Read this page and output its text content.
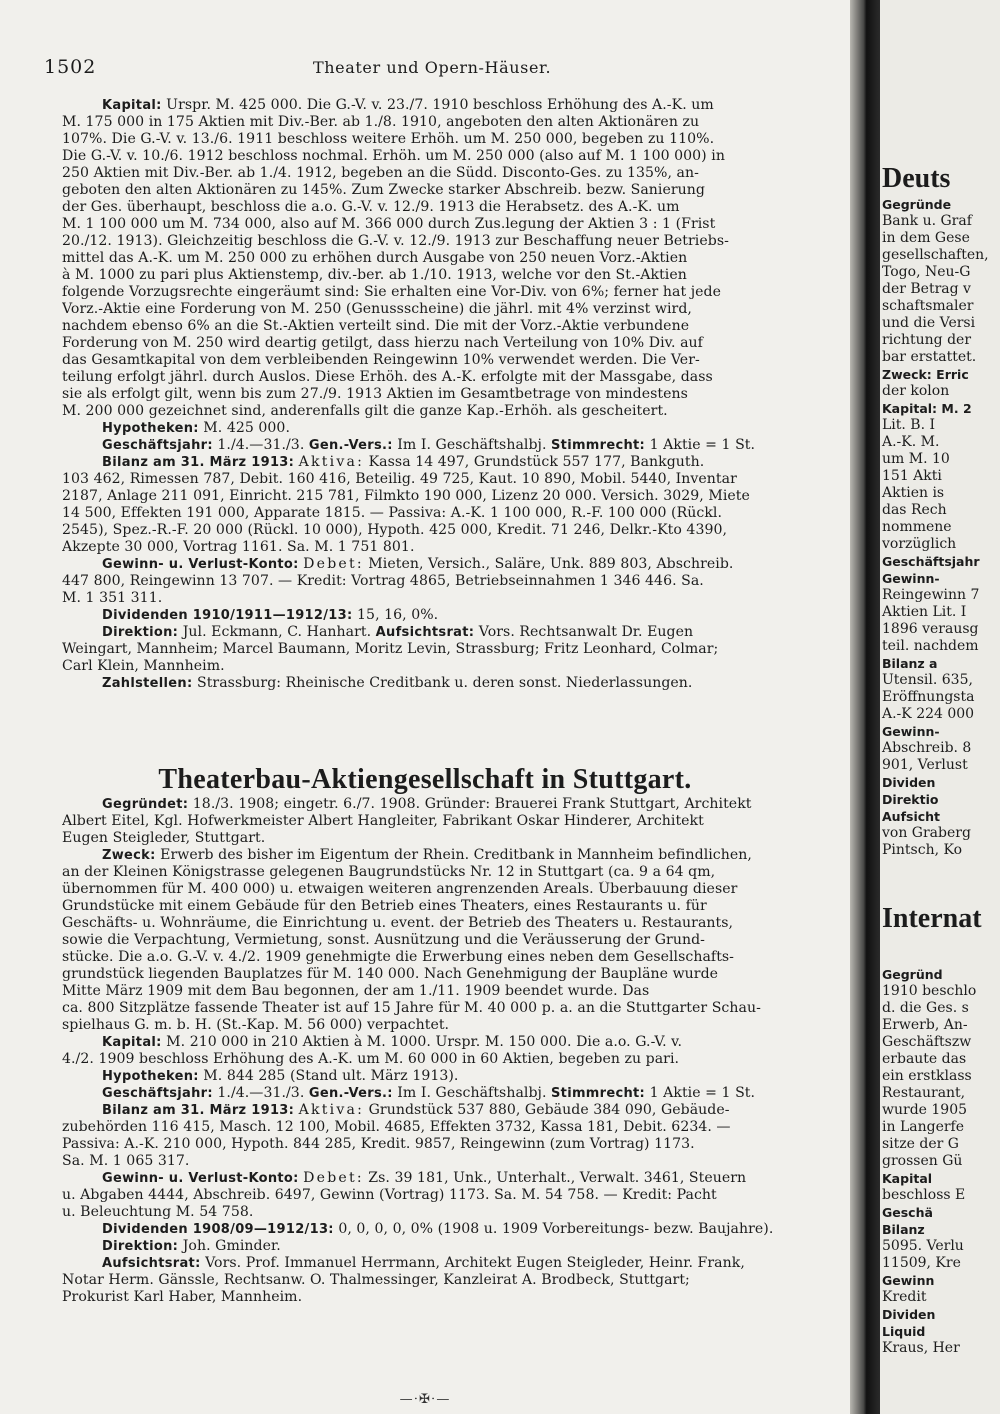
1502	Theater und Opern-Häuser.
Kapital: Urspr. M. 425 000. Die G.-V. v. 23./7. 1910 beschloss Erhöhung des A.-K. um
M. 175 000 in 175 Aktien mit Div.-Ber. ab 1./8. 1910, angeboten den alten Aktionären zu
107%. Die G.-V. v. 13./6. 1911 beschloss weitere Erhöh. um M. 250 000, begeben zu 110%.
Die G.-V. v. 10./6. 1912 beschloss nochmal. Erhöh. um M. 250 000 (also auf M. 1 100 000) in
250 Aktien mit Div.-Ber. ab 1./4. 1912, begeben an die Südd. Disconto-Ges. zu 135%, an-
geboten den alten Aktionären zu 145%. Zum Zwecke starker Abschreib. bezw. Sanierung
der Ges. überhaupt, beschloss die a.o. G.-V. v. 12./9. 1913 die Herabsetz. des A.-K. um
M. 1 100 000 um M. 734 000, also auf M. 366 000 durch Zus.legung der Aktien 3 : 1 (Frist
20./12. 1913). Gleichzeitig beschloss die G.-V. v. 12./9. 1913 zur Beschaffung neuer Betriebs-
mittel das A.-K. um M. 250 000 zu erhöhen durch Ausgabe von 250 neuen Vorz.-Aktien
à M. 1000 zu pari plus Aktienstemp, div.-ber. ab 1./10. 1913, welche vor den St.-Aktien
folgende Vorzugsrechte eingeräumt sind: Sie erhalten eine Vor-Div. von 6%; ferner hat jede
Vorz.-Aktie eine Forderung von M. 250 (Genussscheine) die jährl. mit 4% verzinst wird,
nachdem ebenso 6% an die St.-Aktien verteilt sind. Die mit der Vorz.-Aktie verbundene
Forderung von M. 250 wird deartig getilgt, dass hierzu nach Verteilung von 10% Div. auf
das Gesamtkapital von dem verbleibenden Reingewinn 10% verwendet werden. Die Ver-
teilung erfolgt jährl. durch Auslos. Diese Erhöh. des A.-K. erfolgte mit der Massgabe, dass
sie als erfolgt gilt, wenn bis zum 27./9. 1913 Aktien im Gesamtbetrage von mindestens
M. 200 000 gezeichnet sind, anderenfalls gilt die ganze Kap.-Erhöh. als gescheitert.
Hypotheken: M. 425 000.
Geschäftsjahr: 1./4.—31./3. Gen.-Vers.: Im I. Geschäftshalbj. Stimmrecht: 1 Aktie = 1 St.
Bilanz am 31. März 1913: Aktiva: Kassa 14 497, Grundstück 557 177, Bankguth.
103 462, Rimessen 787, Debit. 160 416, Beteilig. 49 725, Kaut. 10 890, Mobil. 5440, Inventar
2187, Anlage 211 091, Einricht. 215 781, Filmkto 190 000, Lizenz 20 000. Versich. 3029, Miete
14 500, Effekten 191 000, Apparate 1815. — Passiva: A.-K. 1 100 000, R.-F. 100 000 (Rückl.
2545), Spez.-R.-F. 20 000 (Rückl. 10 000), Hypoth. 425 000, Kredit. 71 246, Delkr.-Kto 4390,
Akzepte 30 000, Vortrag 1161. Sa. M. 1 751 801.
Gewinn- u. Verlust-Konto: Debet: Mieten, Versich., Saläre, Unk. 889 803, Abschreib.
447 800, Reingewinn 13 707. — Kredit: Vortrag 4865, Betriebseinnahmen 1 346 446. Sa.
M. 1 351 311.
Dividenden 1910/1911—1912/13: 15, 16, 0%.
Direktion: Jul. Eckmann, C. Hanhart. Aufsichtsrat: Vors. Rechtsanwalt Dr. Eugen
Weingart, Mannheim; Marcel Baumann, Moritz Levin, Strassburg; Fritz Leonhard, Colmar;
Carl Klein, Mannheim.
Zahlstellen: Strassburg: Rheinische Creditbank u. deren sonst. Niederlassungen.
Theaterbau-Aktiengesellschaft in Stuttgart.
Gegründet: 18./3. 1908; eingetr. 6./7. 1908. Gründer: Brauerei Frank Stuttgart, Architekt
Albert Eitel, Kgl. Hofwerkmeister Albert Hangleiter, Fabrikant Oskar Hinderer, Architekt
Eugen Steigleder, Stuttgart.
Zweck: Erwerb des bisher im Eigentum der Rhein. Creditbank in Mannheim befindlichen,
an der Kleinen Königstrasse gelegenen Baugrundstücks Nr. 12 in Stuttgart (ca. 9 a 64 qm,
übernommen für M. 400 000) u. etwaigen weiteren angrenzenden Areals. Überbauung dieser
Grundstücke mit einem Gebäude für den Betrieb eines Theaters, eines Restaurants u. für
Geschäfts- u. Wohnräume, die Einrichtung u. event. der Betrieb des Theaters u. Restaurants,
sowie die Verpachtung, Vermietung, sonst. Ausnützung und die Veräusserung der Grund-
stücke. Die a.o. G.-V. v. 4./2. 1909 genehmigte die Erwerbung eines neben dem Gesellschafts-
grundstück liegenden Bauplatzes für M. 140 000. Nach Genehmigung der Baupläne wurde
Mitte März 1909 mit dem Bau begonnen, der am 1./11. 1909 beendet wurde. Das
ca. 800 Sitzplätze fassende Theater ist auf 15 Jahre für M. 40 000 p. a. an die Stuttgarter Schau-
spielhaus G. m. b. H. (St.-Kap. M. 56 000) verpachtet.
Kapital: M. 210 000 in 210 Aktien à M. 1000. Urspr. M. 150 000. Die a.o. G.-V. v.
4./2. 1909 beschloss Erhöhung des A.-K. um M. 60 000 in 60 Aktien, begeben zu pari.
Hypotheken: M. 844 285 (Stand ult. März 1913).
Geschäftsjahr: 1./4.—31./3. Gen.-Vers.: Im I. Geschäftshalbj. Stimmrecht: 1 Aktie = 1 St.
Bilanz am 31. März 1913: Aktiva: Grundstück 537 880, Gebäude 384 090, Gebäude-
zubehörden 116 415, Masch. 12 100, Mobil. 4685, Effekten 3732, Kassa 181, Debit. 6234. —
Passiva: A.-K. 210 000, Hypoth. 844 285, Kredit. 9857, Reingewinn (zum Vortrag) 1173.
Sa. M. 1 065 317.
Gewinn- u. Verlust-Konto: Debet: Zs. 39 181, Unk., Unterhalt., Verwalt. 3461, Steuern
u. Abgaben 4444, Abschreib. 6497, Gewinn (Vortrag) 1173. Sa. M. 54 758. — Kredit: Pacht
u. Beleuchtung M. 54 758.
Dividenden 1908/09—1912/13: 0, 0, 0, 0, 0% (1908 u. 1909 Vorbereitungs- bezw. Baujahre).
Direktion: Joh. Gminder.
Aufsichtsrat: Vors. Prof. Immanuel Herrmann, Architekt Eugen Steigleder, Heinr. Frank,
Notar Herm. Gänssle, Rechtsanw. O. Thalmessinger, Kanzleirat A. Brodbeck, Stuttgart;
Prokurist Karl Haber, Mannheim.
—⋅✠⋅—
Deuts
Gegründe
Bank u. Graf
in dem Gese
gesellschaften,
Togo, Neu-G
der Betrag v
schaftsmaler
und die Versi
richtung der
bar erstattet.
Zweck: Erric
der kolon
Kapital: M. 2
Lit. B. I
A.-K. M.
um M. 10
151 Akti
Aktien is
das Rech
nommene
vorzüglich
Geschäftsjahr
Gewinn-
Reingewinn 7
Aktien Lit. I
1896 verausg
teil. nachdem
Bilanz a
Utensil. 635,
Eröffnungsta
A.-K 224 000
Gewinn-
Abschreib. 8
901, Verlust
Dividen
Direktio
Aufsicht
von Graberg
Pintsch, Ko
Internat
Gegründ
1910 beschlo
d. die Ges. s
Erwerb, An-
Geschäftszw
erbaute das
ein erstklass
Restaurant,
wurde 1905
in Langerfe
sitze der G
grossen Gü
Kapital
beschloss E
Geschä
Bilanz
5095. Verlu
11509, Kre
Gewinn
Kredit
Dividen
Liquid
Kraus, Her
